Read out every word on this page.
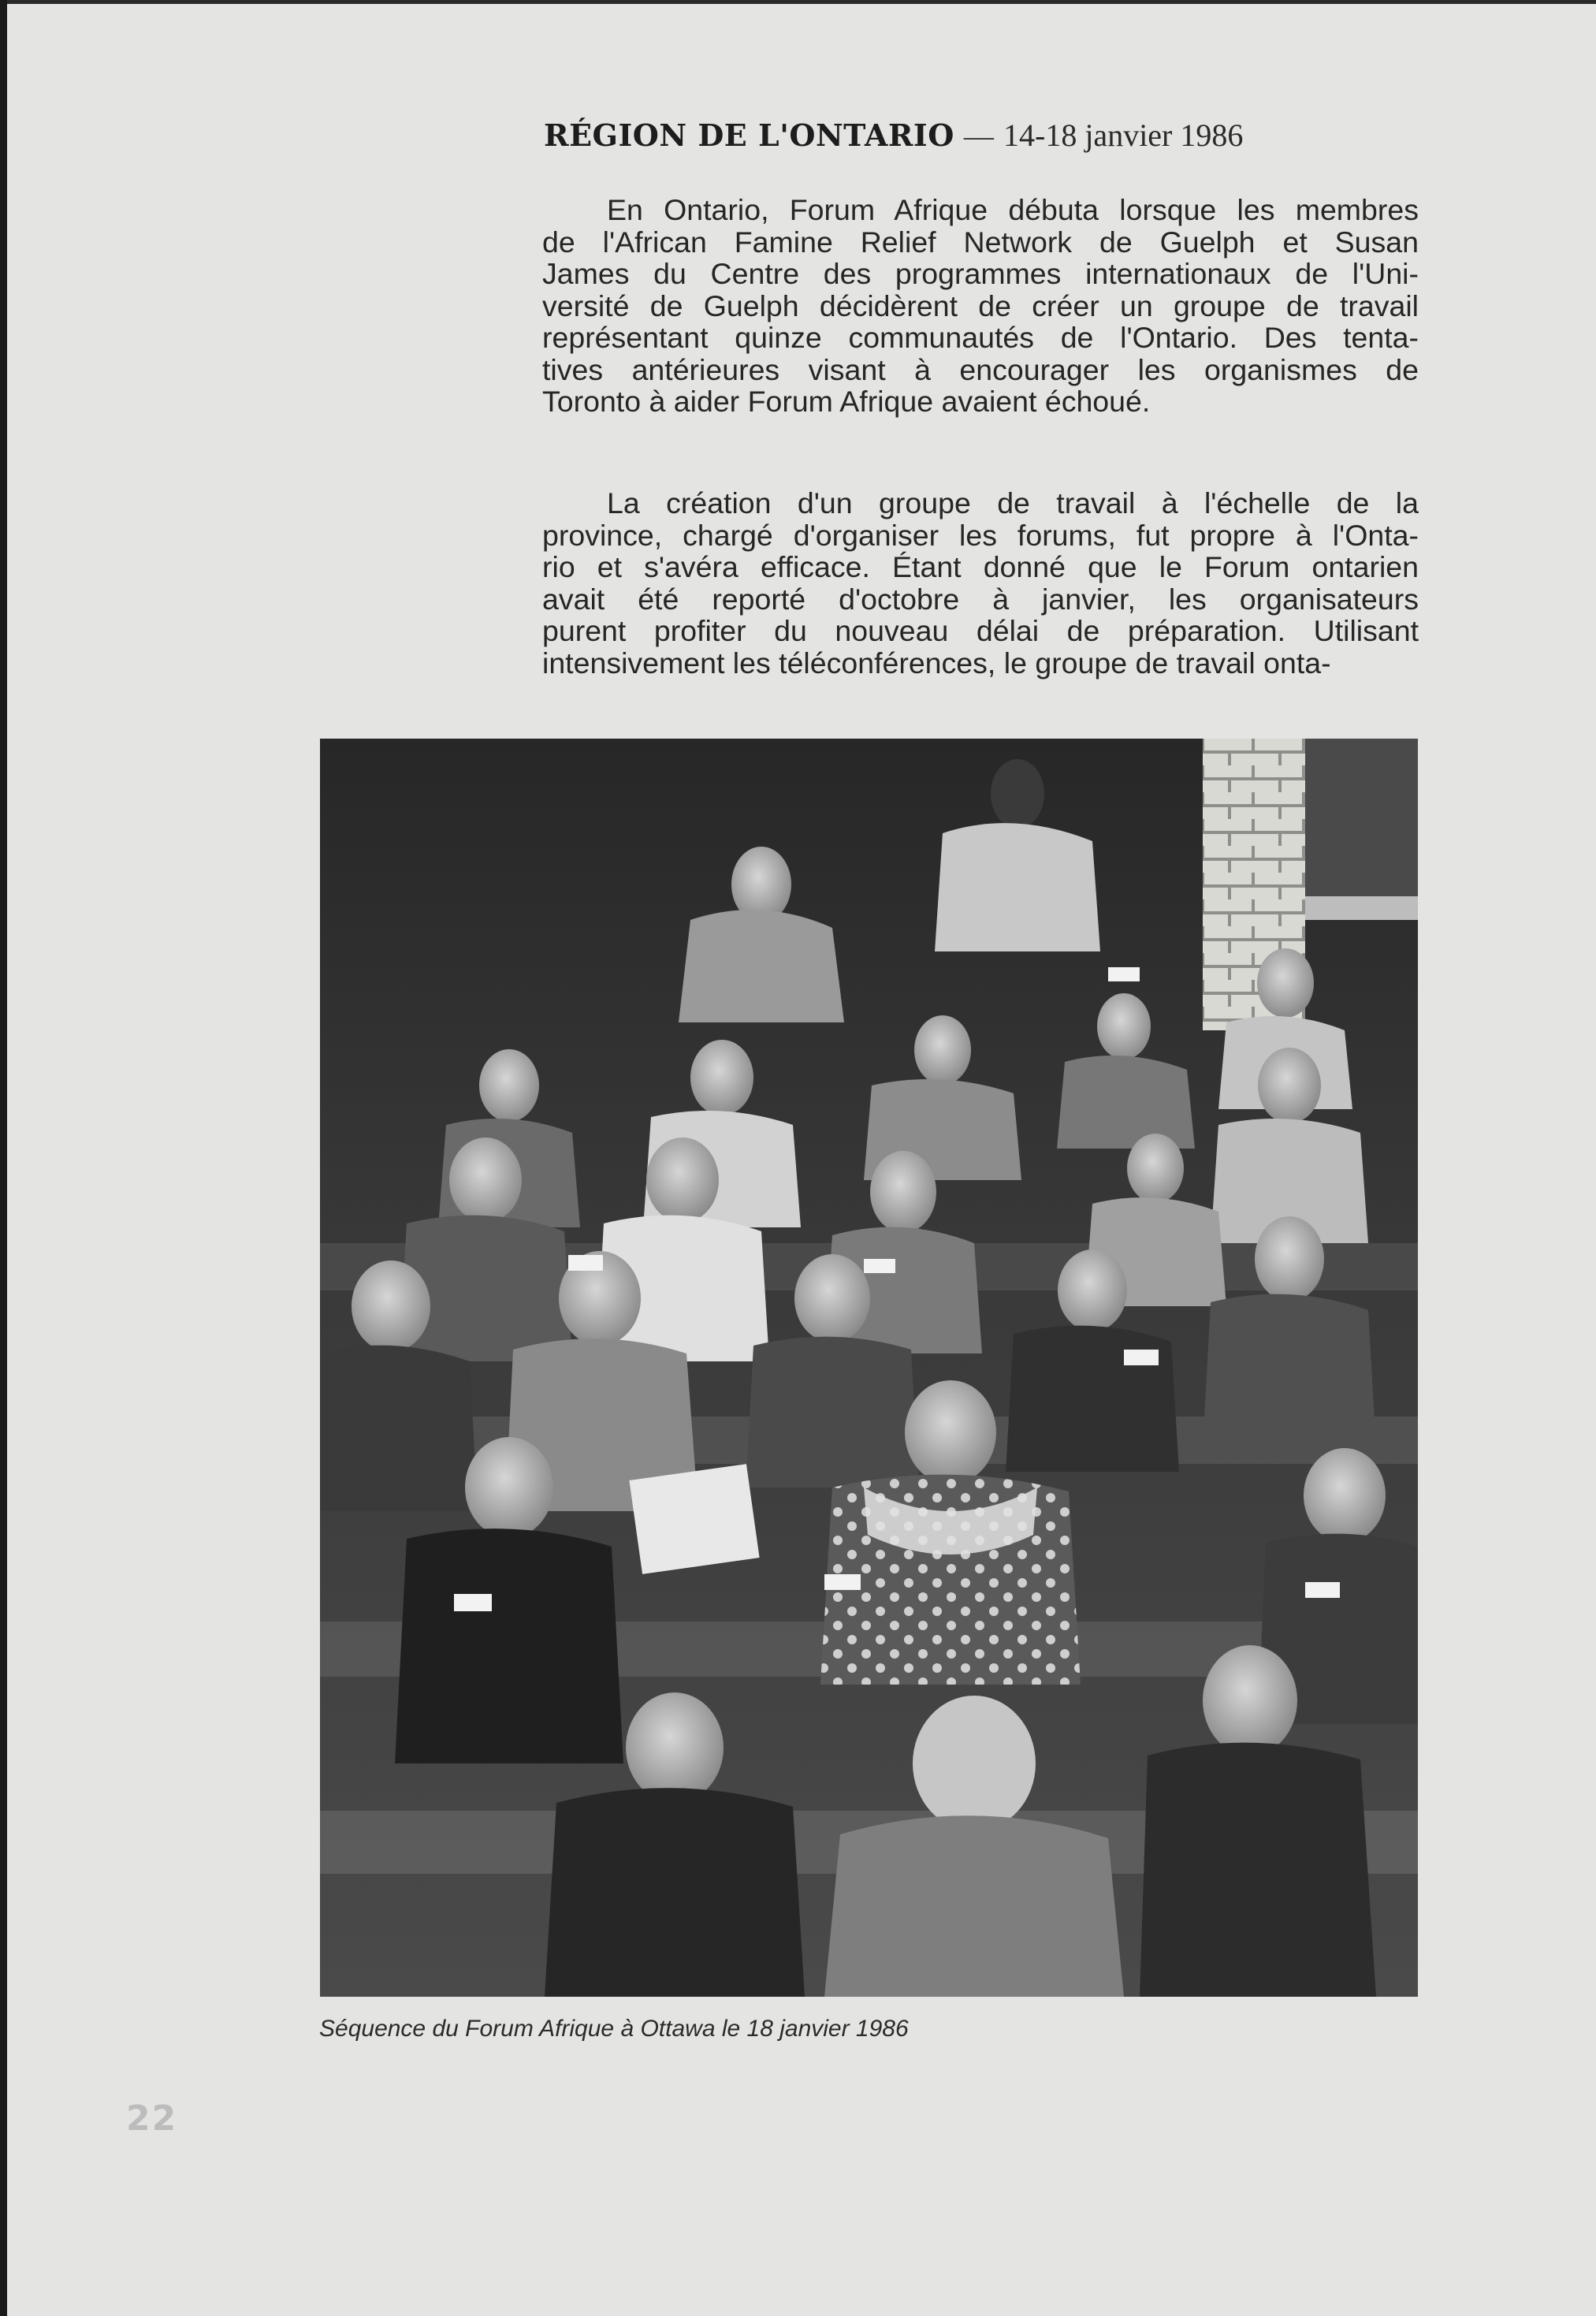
RÉGION DE L'ONTARIO — 14-18 janvier 1986
En Ontario, Forum Afrique débuta lorsque les membres
de l'African Famine Relief Network de Guelph et Susan
James du Centre des programmes internationaux de l'Uni-
versité de Guelph décidèrent de créer un groupe de travail
représentant quinze communautés de l'Ontario. Des tenta-
tives antérieures visant à encourager les organismes de
Toronto à aider Forum Afrique avaient échoué.
La création d'un groupe de travail à l'échelle de la
province, chargé d'organiser les forums, fut propre à l'Onta-
rio et s'avéra efficace. Étant donné que le Forum ontarien
avait été reporté d'octobre à janvier, les organisateurs
purent profiter du nouveau délai de préparation. Utilisant
intensivement les téléconférences, le groupe de travail onta-
Séquence du Forum Afrique à Ottawa le 18 janvier 1986
22
